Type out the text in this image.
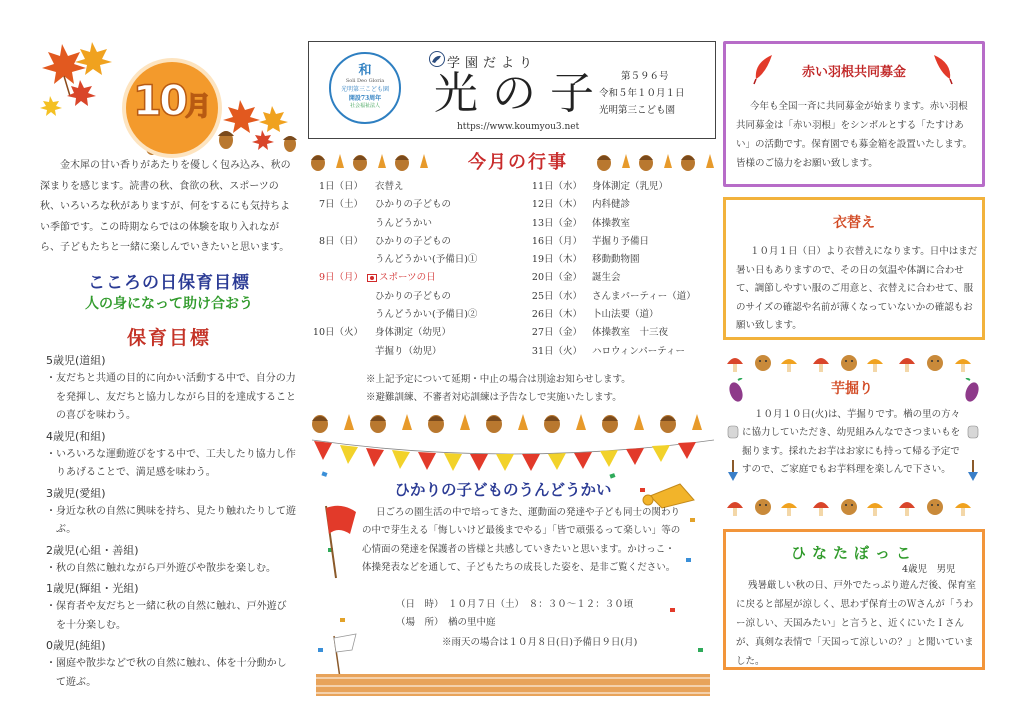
10月

金木犀の甘い香りがあたりを優しく包み込み、秋の深まりを感じます。読書の秋、食欲の秋、スポーツの秋、いろいろな秋がありますが、何をするにも気持ちよい季節です。この時期ならではの体験を取り入れながら、子どもたちと一緒に楽しんでいきたいと思います。

こころの日保育目標
人の身になって助け合おう
保育目標
5歳児(道組)
・友だちと共通の目的に向かい活動する中で、自分の力を発揮し、友だちと協力しながら目的を達成することの喜びを味わう。
4歳児(和組)
・いろいろな運動遊びをする中で、工夫したり協力し作りあげることで、満足感を味わう。
3歳児(愛組)
・身近な秋の自然に興味を持ち、見たり触れたりして遊ぶ。
2歳児(心組・善組)
・秋の自然に触れながら戸外遊びや散歩を楽しむ。
1歳児(輝組・光組)
・保育者や友だちと一緒に秋の自然に触れ、戸外遊びを十分楽しむ。
0歳児(純組)
・園庭や散歩などで秋の自然に触れ、体を十分動かして遊ぶ。
和
Soli Deo Gloria
光明第三こども園
開設73周年
社会福祉法人
学園だより
光の子
https://www.koumyou3.net
第５９６号
令和５年１０月１日
光明第三こども園
今月の行事
1日（日）	衣替え
7日（土）	ひかりの子どもの
うんどうかい
8日（日）	ひかりの子どもの
うんどうかい(予備日)①
9日（月）	スポーツの日
ひかりの子どもの
うんどうかい(予備日)②
10日（火）	身体測定（幼児）
芋掘り（幼児）
11日（水）	身体測定（乳児）
12日（木）	内科健診
13日（金）	体操教室
16日（月）	芋掘り予備日
19日（木）	移動動物園
20日（金）	誕生会
25日（水）	さんまパーティー（道）
26日（木）	卜山法要（道）
27日（金）	体操教室　十三夜
31日（火）	ハロウィンパーティー
※上記予定について延期・中止の場合は別途お知らせします。
※避難訓練、不審者対応訓練は予告なしで実施いたします。
ひかりの子どものうんどうかい

日ごろの園生活の中で培ってきた、運動面の発達や子ども同士の関わりの中で芽生える「悔しいけど最後までやる」「皆で頑張るって楽しい」等の心情面の発達を保護者の皆様と共感していきたいと思います。かけっこ・体操発表などを通して、子どもたちの成長した姿を、是非ご覧ください。

（日　時） １０月７日（土）　８：３０～１２：３０頃
（場　所） 楢の里中庭
※雨天の場合は１０月８日(日)予備日９日(月)
赤い羽根共同募金

今年も全国一斉に共同募金が始まります。赤い羽根共同募金は「赤い羽根」をシンボルとする「たすけあい」の活動です。保育園でも募金箱を設置いたします。皆様のご協力をお願い致します。

衣替え

１０月１日（日）より衣替えになります。日中はまだ暑い日もありますので、その日の気温や体調に合わせて、調節しやすい服のご用意と、衣替えに合わせて、服のサイズの確認や名前が薄くなっていないかの確認もお願い致します。

芋掘り

１０月１０日(火)は、芋掘りです。楢の里の方々に協力していただき、幼児組みんなでさつまいもを掘ります。採れたお芋はお家にも持って帰る予定ですので、ご家庭でもお芋料理を楽しんで下さい。

ひなたぼっこ
4歳児　男児

残暑厳しい秋の日、戸外でたっぷり遊んだ後、保育室に戻ると部屋が涼しく、思わず保育士のＷさんが「うわー涼しい、天国みたい」と言うと、近くにいたＩさんが、真剣な表情で「天国って涼しいの？」と聞いていました。
